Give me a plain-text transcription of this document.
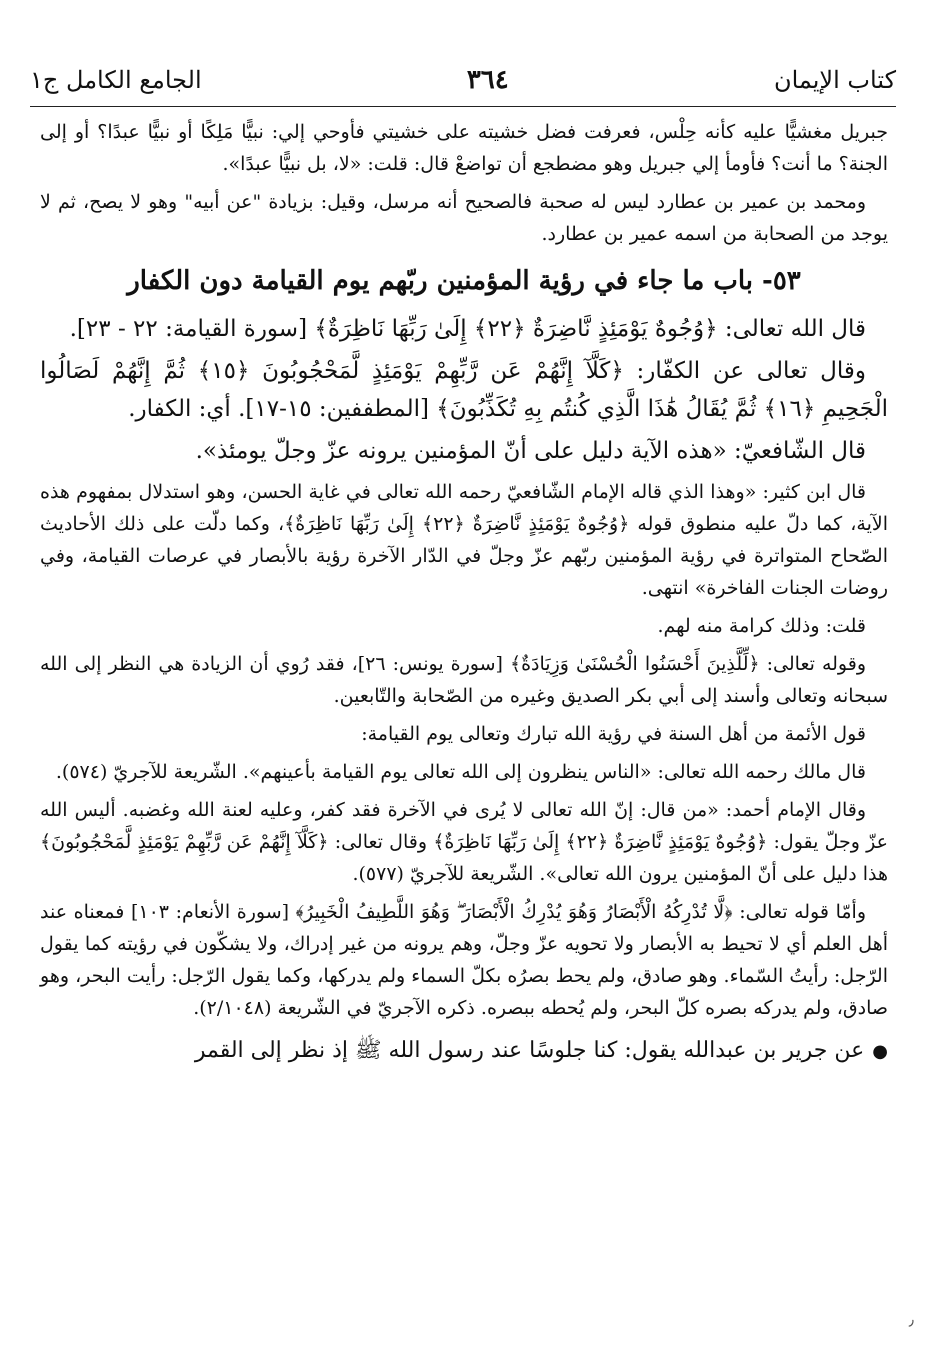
كتاب الإيمان
٣٦٤
الجامع الكامل ج١

جبريل مغشيًّا عليه كأنه حِلْس، فعرفت فضل خشيته على خشيتي فأوحي إلي: نبيًّا مَلِكًا أو نبيًّا عبدًا؟ أو إلى الجنة؟ ما أنت؟ فأومأ إلي جبريل وهو مضطجع أن تواضعْ قال: قلت: «لا، بل نبيًّا عبدًا».

ومحمد بن عمير بن عطارد ليس له صحبة فالصحيح أنه مرسل، وقيل: بزيادة "عن أبيه" وهو لا يصح، ثم لا يوجد من الصحابة من اسمه عمير بن عطارد.

٥٣- باب ما جاء في رؤية المؤمنين ربّهم يوم القيامة دون الكفار

قال الله تعالى: ﴿وُجُوهٌ يَوْمَئِذٍ نَّاضِرَةٌ ﴿٢٢﴾ إِلَىٰ رَبِّهَا نَاظِرَةٌ﴾ [سورة القيامة: ٢٢ - ٢٣].

وقال تعالى عن الكفّار: ﴿كَلَّآ إِنَّهُمْ عَن رَّبِّهِمْ يَوْمَئِذٍ لَّمَحْجُوبُونَ ﴿١٥﴾ ثُمَّ إِنَّهُمْ لَصَالُوا الْجَحِيمِ ﴿١٦﴾ ثُمَّ يُقَالُ هَٰذَا الَّذِي كُنتُم بِهِ تُكَذِّبُونَ﴾ [المطففين: ١٥-١٧]. أي: الكفار.

قال الشّافعيّ: «هذه الآية دليل على أنّ المؤمنين يرونه عزّ وجلّ يومئذ».

قال ابن كثير: «وهذا الذي قاله الإمام الشّافعيّ رحمه الله تعالى في غاية الحسن، وهو استدلال بمفهوم هذه الآية، كما دلّ عليه منطوق قوله ﴿وُجُوهٌ يَوْمَئِذٍ نَّاضِرَةٌ ﴿٢٢﴾ إِلَىٰ رَبِّهَا نَاظِرَةٌ﴾، وكما دلّت على ذلك الأحاديث الصّحاح المتواترة في رؤية المؤمنين ربّهم عزّ وجلّ في الدّار الآخرة رؤية بالأبصار في عرصات القيامة، وفي روضات الجنات الفاخرة» انتهى.

قلت: وذلك كرامة منه لهم.

وقوله تعالى: ﴿لِّلَّذِينَ أَحْسَنُوا الْحُسْنَىٰ وَزِيَادَةٌ﴾ [سورة يونس: ٢٦]، فقد رُوي أن الزيادة هي النظر إلى الله سبحانه وتعالى وأسند إلى أبي بكر الصديق وغيره من الصّحابة والتّابعين.

قول الأئمة من أهل السنة في رؤية الله تبارك وتعالى يوم القيامة:

قال مالك رحمه الله تعالى: «الناس ينظرون إلى الله تعالى يوم القيامة بأعينهم». الشّريعة للآجريّ (٥٧٤).

وقال الإمام أحمد: «من قال: إنّ الله تعالى لا يُرى في الآخرة فقد كفر، وعليه لعنة الله وغضبه. أليس الله عزّ وجلّ يقول: ﴿وُجُوهٌ يَوْمَئِذٍ نَّاضِرَةٌ ﴿٢٢﴾ إِلَىٰ رَبِّهَا نَاظِرَةٌ﴾ وقال تعالى: ﴿كَلَّآ إِنَّهُمْ عَن رَّبِّهِمْ يَوْمَئِذٍ لَّمَحْجُوبُونَ﴾ هذا دليل على أنّ المؤمنين يرون الله تعالى». الشّريعة للآجريّ (٥٧٧).

وأمّا قوله تعالى: ﴿لَّا تُدْرِكُهُ الْأَبْصَارُ وَهُوَ يُدْرِكُ الْأَبْصَارَ ۖ وَهُوَ اللَّطِيفُ الْخَبِيرُ﴾ [سورة الأنعام: ١٠٣] فمعناه عند أهل العلم أي لا تحيط به الأبصار ولا تحويه عزّ وجلّ، وهم يرونه من غير إدراك، ولا يشكّون في رؤيته كما يقول الرّجل: رأيتُ السّماء. وهو صادق، ولم يحط بصرُه بكلّ السماء ولم يدركها، وكما يقول الرّجل: رأيت البحر، وهو صادق، ولم يدركه بصره كلّ البحر، ولم يُحطه ببصره. ذكره الآجريّ في الشّريعة (٢/١٠٤٨).

●عن جرير بن عبدالله يقول: كنا جلوسًا عند رسول الله ﷺ إذ نظر إلى القمر

٫
